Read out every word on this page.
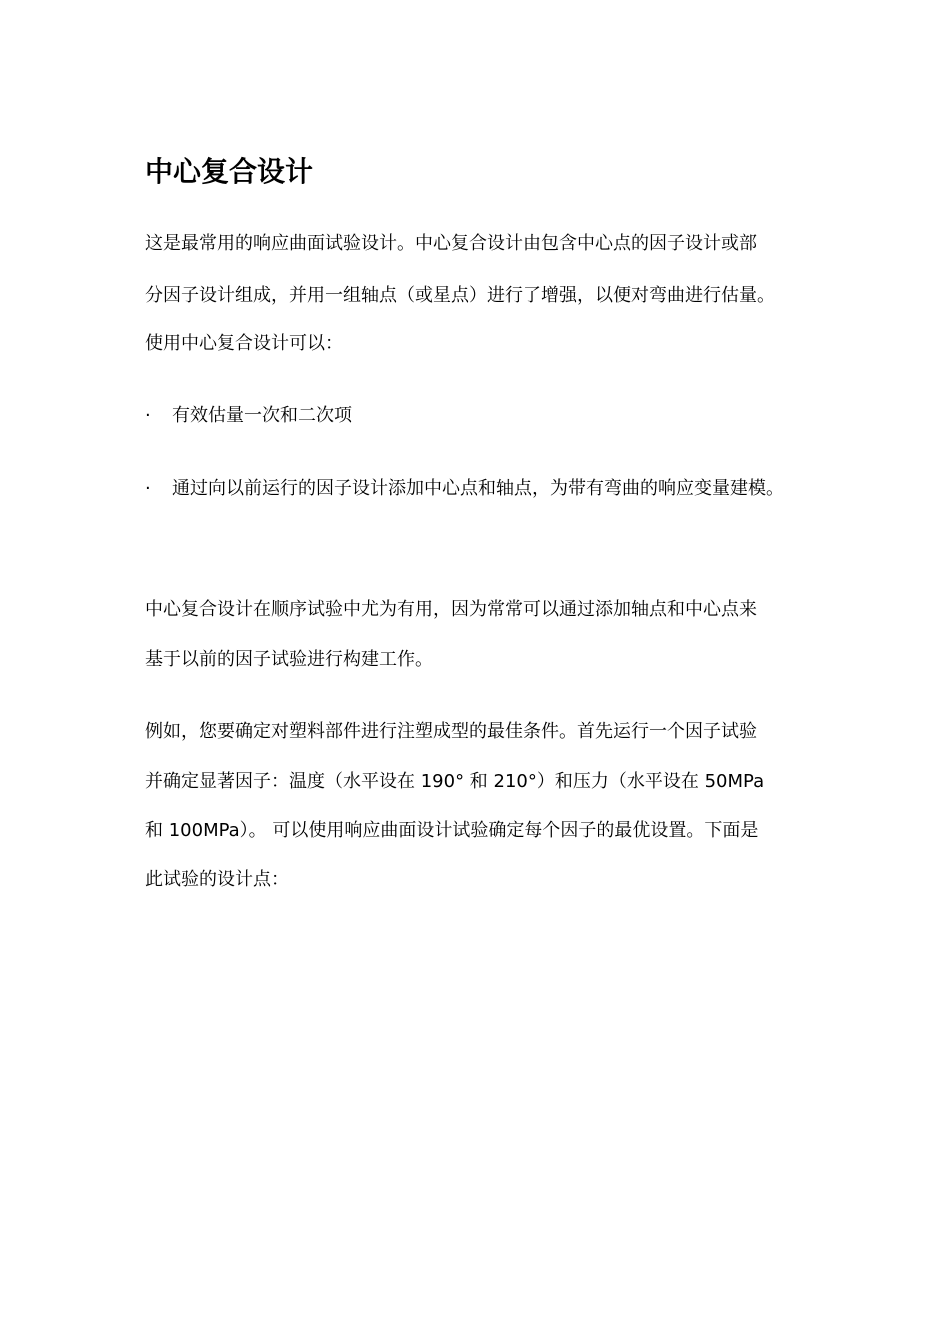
中心复合设计
这是最常用的响应曲面试验设计。中心复合设计由包含中心点的因子设计或部
分因子设计组成，并用一组轴点（或星点）进行了增强，以便对弯曲进行估量。
使用中心复合设计可以：
· 有效估量一次和二次项
· 通过向以前运行的因子设计添加中心点和轴点，为带有弯曲的响应变量建模。
中心复合设计在顺序试验中尤为有用，因为常常可以通过添加轴点和中心点来
基于以前的因子试验进行构建工作。
例如，您要确定对塑料部件进行注塑成型的最佳条件。首先运行一个因子试验
并确定显著因子：温度（水平设在 190° 和 210°）和压力（水平设在 50MPa
和 100MPa）。 可以使用响应曲面设计试验确定每个因子的最优设置。下面是
此试验的设计点：
